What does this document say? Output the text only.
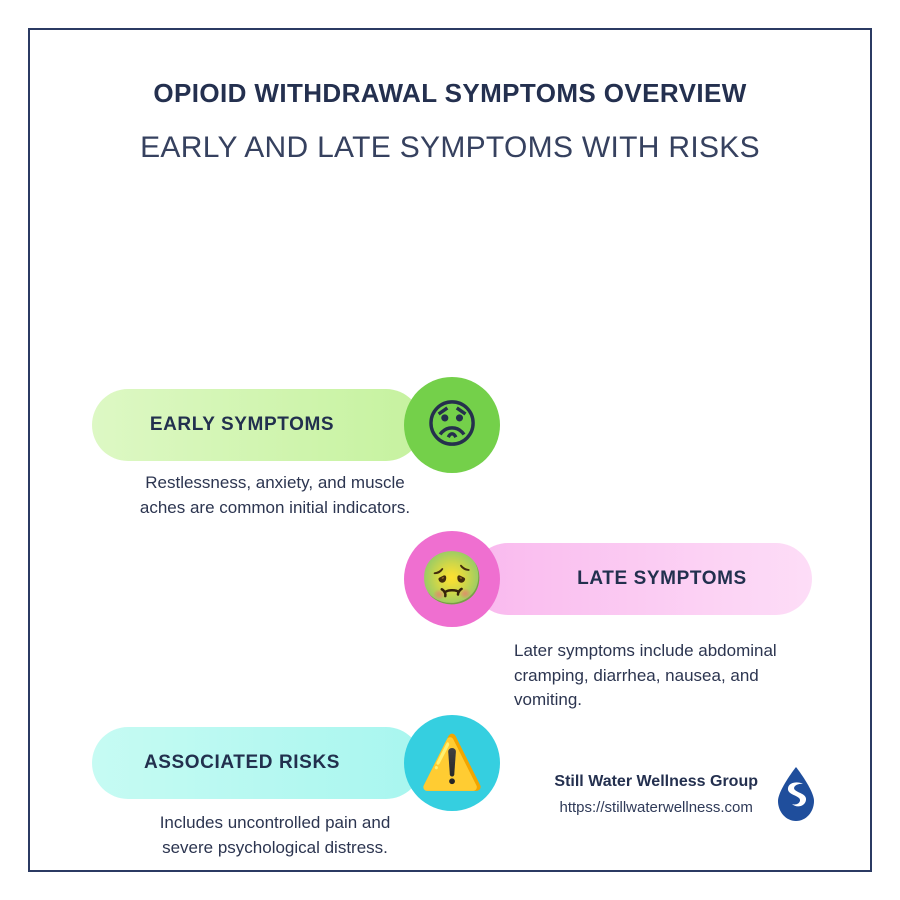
OPIOID WITHDRAWAL SYMPTOMS OVERVIEW
EARLY AND LATE SYMPTOMS WITH RISKS
EARLY SYMPTOMS 😟
Restlessness, anxiety, and muscle aches are common initial indicators.
LATE SYMPTOMS
🤢
Later symptoms include abdominal cramping, diarrhea, nausea, and vomiting.
ASSOCIATED RISKS ⚠️
Includes uncontrolled pain and severe psychological distress.
Still Water Wellness Group
https://stillwaterwellness.com
